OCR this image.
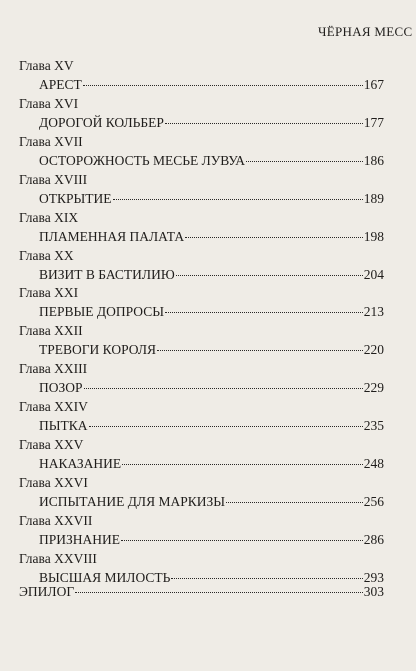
ЧЁРНАЯ МЕСС
Глава XV
АРЕСТ	167
Глава XVI
ДОРОГОЙ КОЛЬБЕР	177
Глава XVII
ОСТОРОЖНОСТЬ МЕСЬЕ ЛУВУА	186
Глава XVIII
ОТКРЫТИЕ	189
Глава XIX
ПЛАМЕННАЯ ПАЛАТА	198
Глава XX
ВИЗИТ В БАСТИЛИЮ	204
Глава XXI
ПЕРВЫЕ ДОПРОСЫ	213
Глава XXII
ТРЕВОГИ КОРОЛЯ	220
Глава XXIII
ПОЗОР	229
Глава XXIV
ПЫТКА	235
Глава XXV
НАКАЗАНИЕ	248
Глава XXVI
ИСПЫТАНИЕ ДЛЯ МАРКИЗЫ	256
Глава XXVII
ПРИЗНАНИЕ	286
Глава XXVIII
ВЫСШАЯ МИЛОСТЬ	293
ЭПИЛОГ	303
